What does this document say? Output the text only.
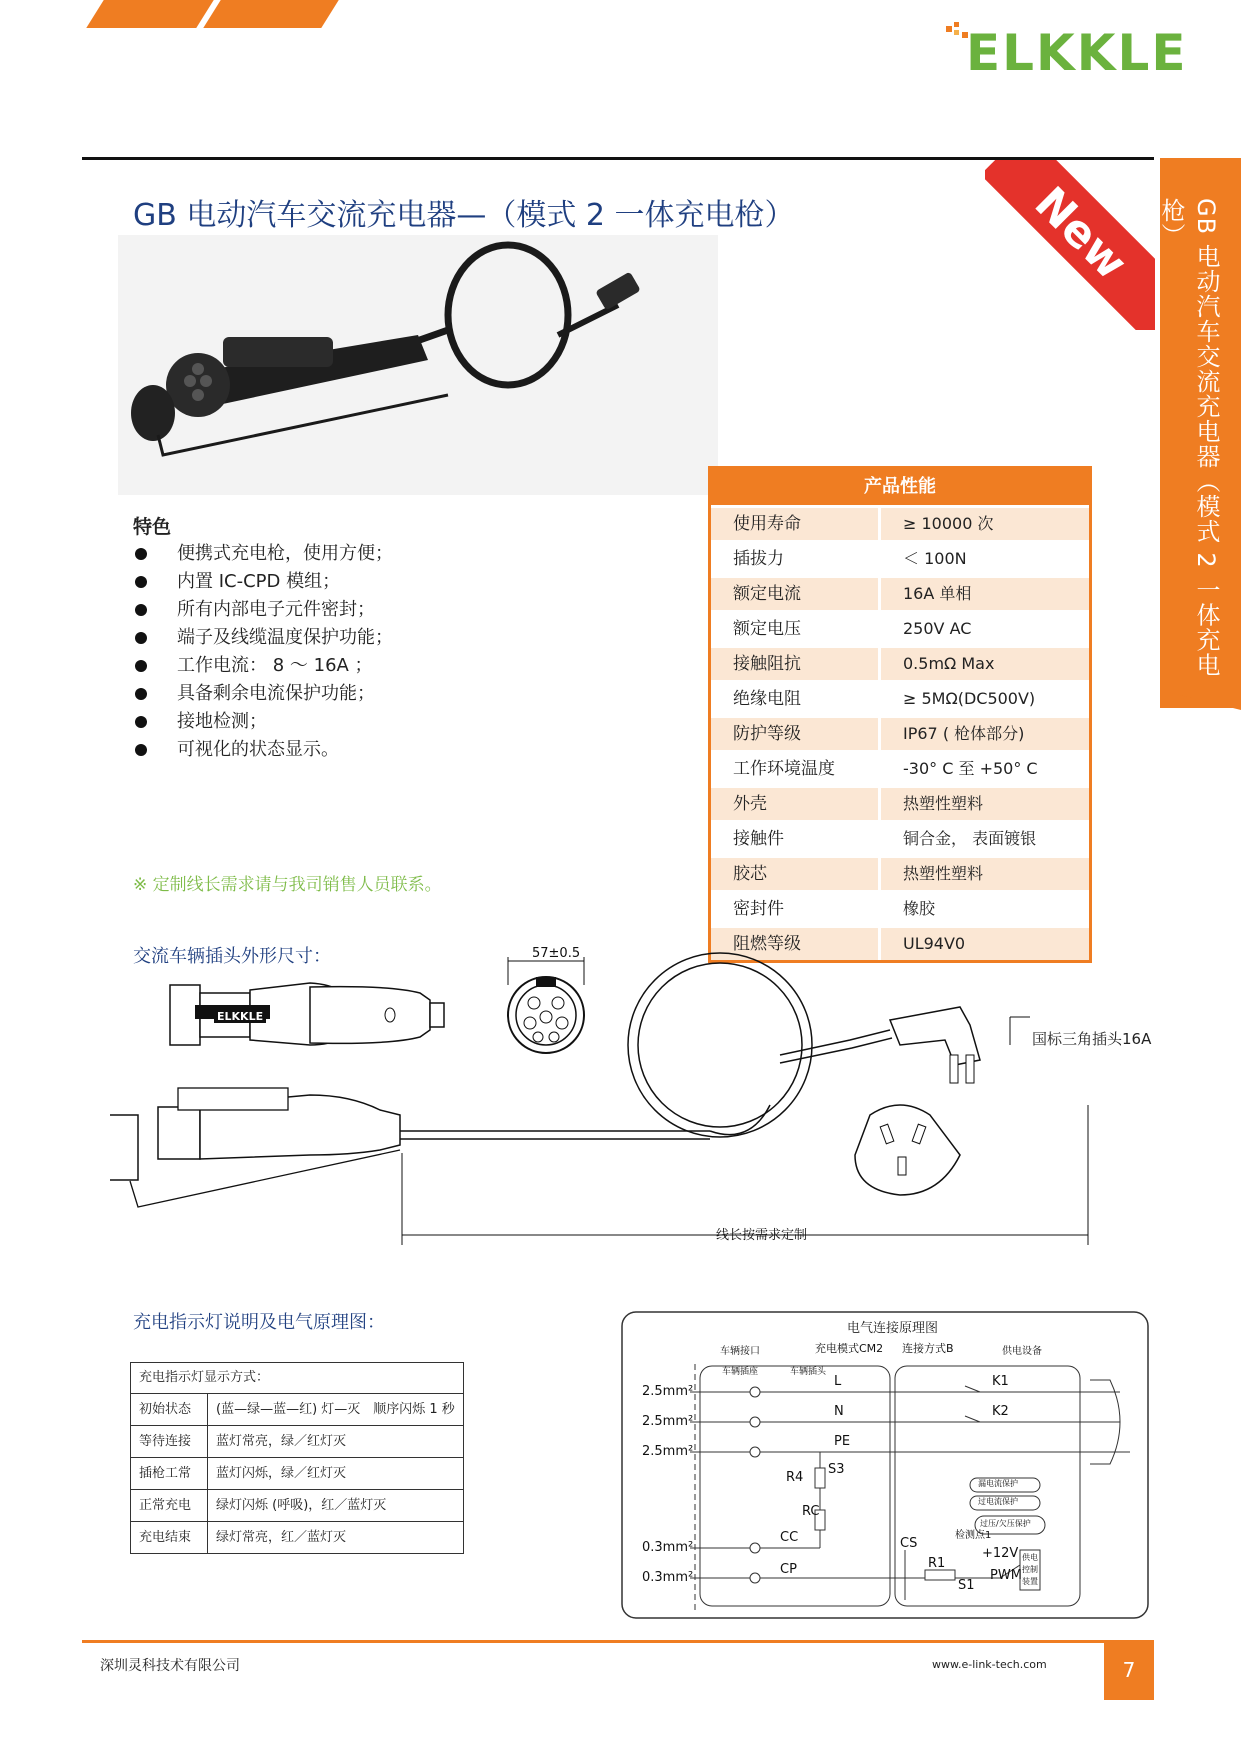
ELKKLE
GB 电动汽车交流充电器—（模式 2 一体充电枪）	New	GB 电动汽车交流充电器（模式 2 一体充电枪）
特色
便携式充电枪，使用方便；
内置 IC-CPD 模组；
所有内部电子元件密封；
端子及线缆温度保护功能；
工作电流： 8 ～ 16A ；
具备剩余电流保护功能；
接地检测；
可视化的状态显示。
※ 定制线长需求请与我司销售人员联系。
产品性能
使用寿命	≥ 10000 次
插拔力	＜ 100N
额定电流	16A 单相
额定电压	250V AC
接触阻抗	0.5mΩ Max
绝缘电阻	≥ 5MΩ(DC500V)
防护等级	IP67 ( 枪体部分)
工作环境温度	-30° C 至 +50° C
外壳	热塑性塑料
接触件	铜合金， 表面镀银
胶芯	热塑性塑料
密封件	橡胶
阻燃等级	UL94V0
交流车辆插头外形尺寸：	57±0.5
国标三角插头16A
线长按需求定制
ELKKLE
充电指示灯说明及电气原理图：
充电指示灯显示方式：
初始状态	(蓝—绿—蓝—红) 灯—灭　顺序闪烁 1 秒
等待连接	蓝灯常亮，绿／红灯灭
插枪工常	蓝灯闪烁，绿／红灯灭
正常充电	绿灯闪烁 (呼吸)，红／蓝灯灭
充电结束	绿灯常亮，红／蓝灯灭
电气连接原理图
车辆接口	充电模式CM2 连接方式B	供电设备
车辆插座	车辆插头
2.5mm²
2.5mm²
2.5mm²
0.3mm²
0.3mm²
L
N
PE
CC
CP
K1
K2
S3
R4
RC
CS
R1
S1
+12V
PWM
检测点1
漏电流保护
过电流保护
过压/欠压保护
供电控制装置
深圳灵科技术有限公司	www.e-link-tech.com	7
